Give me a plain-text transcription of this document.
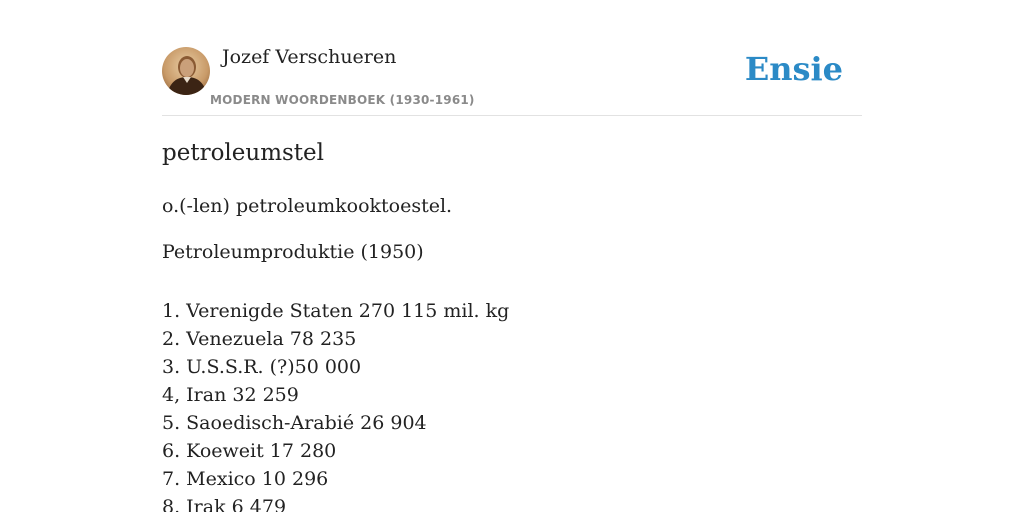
Jozef Verschueren
MODERN WOORDENBOEK (1930-1961)
Ensie
petroleumstel

o.(-len) petroleumkooktoestel.

Petroleumproduktie (1950)

1. Verenigde Staten 270 115 mil. kg
2. Venezuela 78 235
3. U.S.S.R. (?)50 000
4, Iran 32 259
5. Saoedisch-Arabié 26 904
6. Koeweit 17 280
7. Mexico 10 296
8. Irak 6 479
